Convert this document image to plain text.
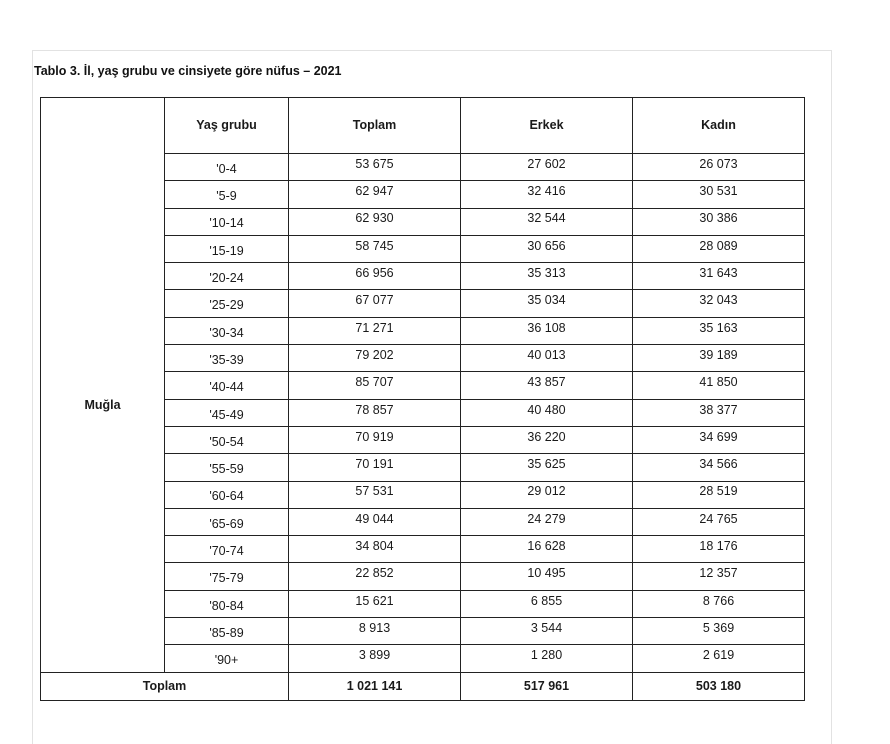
Tablo 3. İl, yaş grubu ve cinsiyete göre nüfus – 2021
Muğla	Yaş grubu	Toplam	Erkek	Kadın
	'0-4	53 675	27 602	26 073
	'5-9	62 947	32 416	30 531
	'10-14	62 930	32 544	30 386
	'15-19	58 745	30 656	28 089
	'20-24	66 956	35 313	31 643
	'25-29	67 077	35 034	32 043
	'30-34	71 271	36 108	35 163
	'35-39	79 202	40 013	39 189
	'40-44	85 707	43 857	41 850
	'45-49	78 857	40 480	38 377
	'50-54	70 919	36 220	34 699
	'55-59	70 191	35 625	34 566
	'60-64	57 531	29 012	28 519
	'65-69	49 044	24 279	24 765
	'70-74	34 804	16 628	18 176
	'75-79	22 852	10 495	12 357
	'80-84	15 621	6 855	8 766
	'85-89	8 913	3 544	5 369
	'90+	3 899	1 280	2 619
Toplam		1 021 141	517 961	503 180
